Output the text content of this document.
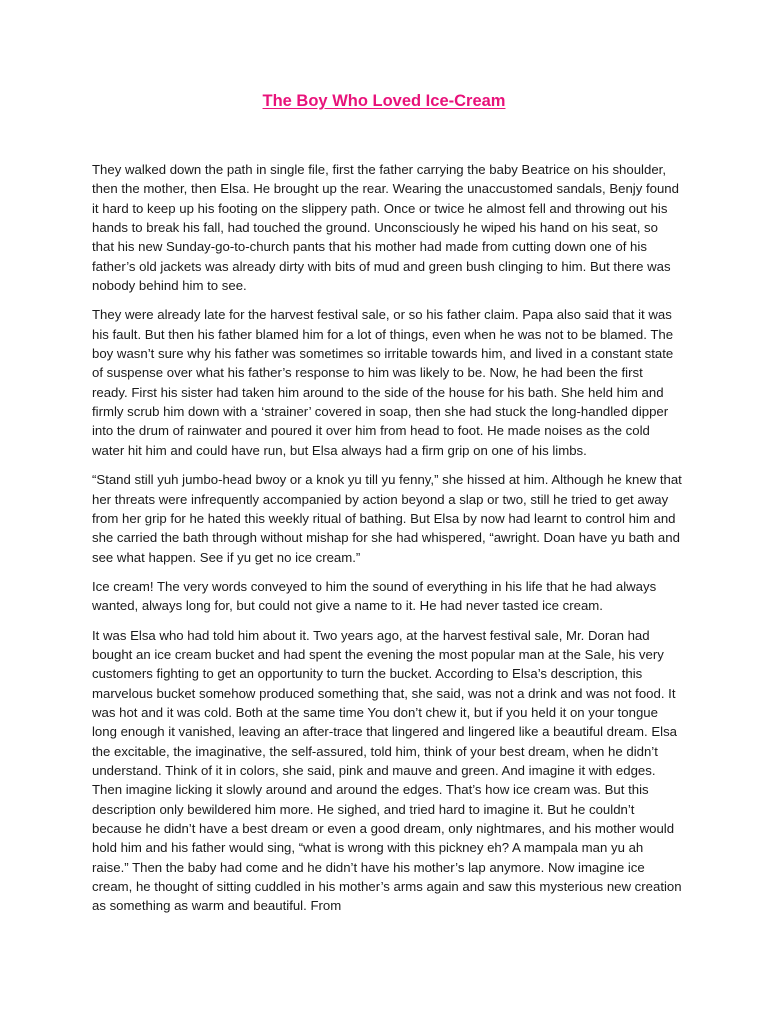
The Boy Who Loved Ice-Cream

They walked down the path in single file, first the father carrying the baby Beatrice on his shoulder, then the mother, then Elsa. He brought up the rear. Wearing the unaccustomed sandals, Benjy found it hard to keep up his footing on the slippery path. Once or twice he almost fell and throwing out his hands to break his fall, had touched the ground. Unconsciously he wiped his hand on his seat, so that his new Sunday-go-to-church pants that his mother had made from cutting down one of his father’s old jackets was already dirty with bits of mud and green bush clinging to him. But there was nobody behind him to see.

They were already late for the harvest festival sale, or so his father claim. Papa also said that it was his fault. But then his father blamed him for a lot of things, even when he was not to be blamed. The boy wasn’t sure why his father was sometimes so irritable towards him, and lived in a constant state of suspense over what his father’s response to him was likely to be. Now, he had been the first ready. First his sister had taken him around to the side of the house for his bath. She held him and firmly scrub him down with a ‘strainer’ covered in soap, then she had stuck the long-handled dipper into the drum of rainwater and poured it over him from head to foot. He made noises as the cold water hit him and could have run, but Elsa always had a firm grip on one of his limbs.

“Stand still yuh jumbo-head bwoy or a knok yu till yu fenny,” she hissed at him. Although he knew that her threats were infrequently accompanied by action beyond a slap or two, still he tried to get away from her grip for he hated this weekly ritual of bathing. But Elsa by now had learnt to control him and she carried the bath through without mishap for she had whispered, “awright. Doan have yu bath and see what happen. See if yu get no ice cream.”

Ice cream! The very words conveyed to him the sound of everything in his life that he had always wanted, always long for, but could not give a name to it. He had never tasted ice cream.

It was Elsa who had told him about it. Two years ago, at the harvest festival sale, Mr. Doran had bought an ice cream bucket and had spent the evening the most popular man at the Sale, his very customers fighting to get an opportunity to turn the bucket. According to Elsa’s description, this marvelous bucket somehow produced something that, she said, was not a drink and was not food. It was hot and it was cold. Both at the same time You don’t chew it, but if you held it on your tongue long enough it vanished, leaving an after-trace that lingered and lingered like a beautiful dream. Elsa the excitable, the imaginative, the self-assured, told him, think of your best dream, when he didn’t understand. Think of it in colors, she said, pink and mauve and green. And imagine it with edges. Then imagine licking it slowly around and around the edges. That’s how ice cream was. But this description only bewildered him more. He sighed, and tried hard to imagine it. But he couldn’t because he didn’t have a best dream or even a good dream, only nightmares, and his mother would hold him and his father would sing, “what is wrong with this pickney eh? A mampala man yu ah raise.” Then the baby had come and he didn’t have his mother’s lap anymore. Now imagine ice cream, he thought of sitting cuddled in his mother’s arms again and saw this mysterious new creation as something as warm and beautiful. From
